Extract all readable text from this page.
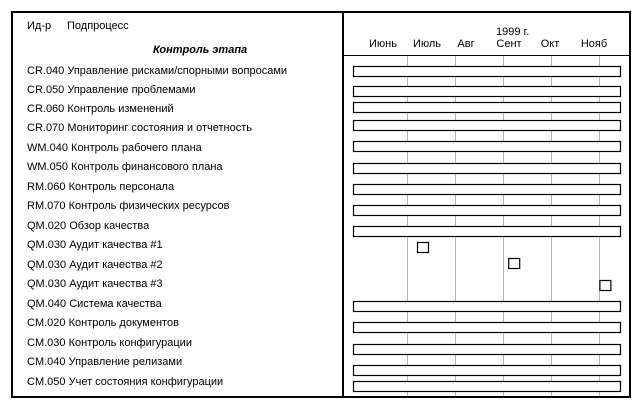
Ид-р Подпроцесс
Контроль этапа
1999 г.
Июнь	Июль	Авг	Сент	Окт	Нояб
CR.040 Управление рисками/спорными вопросами
CR.050 Управление проблемами
CR.060 Контроль изменений
CR.070 Мониторинг состояния и отчетность
WM.040 Контроль рабочего плана
WM.050 Контроль финансового плана
RM.060 Контроль персонала
RM.070 Контроль физических ресурсов
QM.020 Обзор качества
QM.030 Аудит качества #1
QM.030 Аудит качества #2
QM.030 Аудит качества #3
QM.040 Система качества
CM.020 Контроль документов
CM.030 Контроль конфигурации
CM.040 Управление релизами
CM.050 Учет состояния конфигурации
